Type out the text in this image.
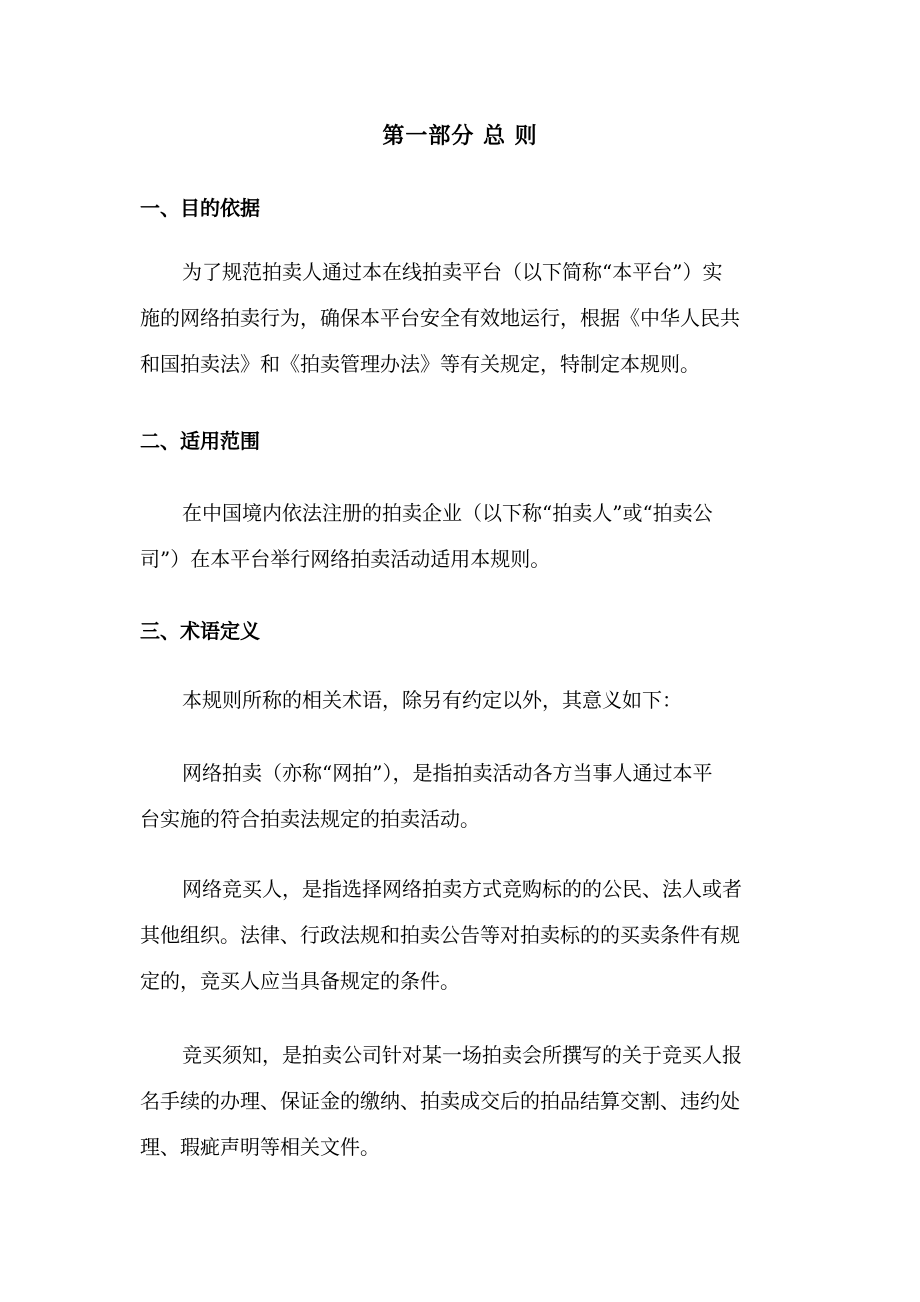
第一部分 总 则
一、目的依据

为了规范拍卖人通过本在线拍卖平台（以下简称“本平台”）实
施的网络拍卖行为，确保本平台安全有效地运行，根据《中华人民共
和国拍卖法》和《拍卖管理办法》等有关规定，特制定本规则。

二、适用范围

在中国境内依法注册的拍卖企业（以下称“拍卖人”或“拍卖公
司”）在本平台举行网络拍卖活动适用本规则。

三、术语定义

本规则所称的相关术语，除另有约定以外，其意义如下：

网络拍卖（亦称“网拍”），是指拍卖活动各方当事人通过本平
台实施的符合拍卖法规定的拍卖活动。

网络竞买人，是指选择网络拍卖方式竞购标的的公民、法人或者
其他组织。法律、行政法规和拍卖公告等对拍卖标的的买卖条件有规
定的，竞买人应当具备规定的条件。

竞买须知，是拍卖公司针对某一场拍卖会所撰写的关于竞买人报
名手续的办理、保证金的缴纳、拍卖成交后的拍品结算交割、违约处
理、瑕疵声明等相关文件。
